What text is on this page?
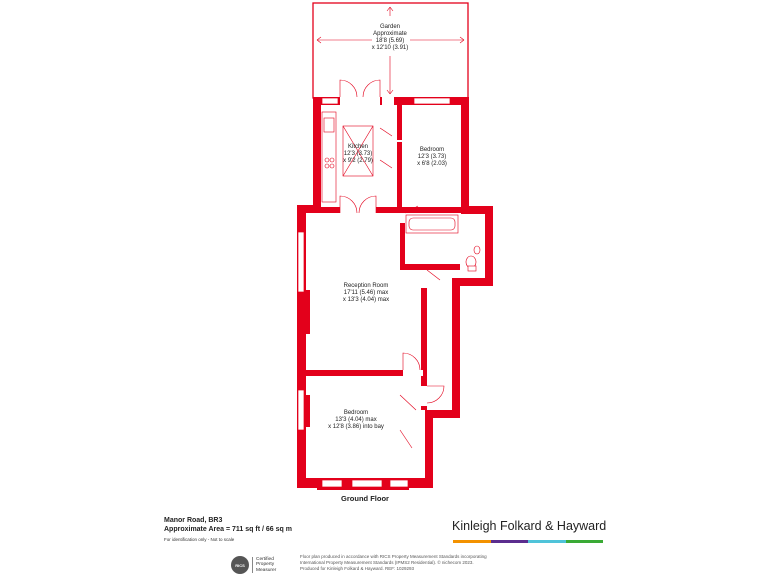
Garden
Approximate
18'8 (5.69)
x 12'10 (3.91)
Kitchen
12'3 (3.73)
x 9'2 (2.79)
Bedroom
12'3 (3.73)
x 6'8 (2.03)
Reception Room
17'11 (5.46) max
x 13'3 (4.04) max
Bedroom
13'3 (4.04) max
x 12'8 (3.86) into bay
Ground Floor
Manor Road, BR3
Approximate Area = 711 sq ft / 66 sq m
For identification only - Not to scale
Kinleigh Folkard & Hayward
RICS
Certified
Property
Measurer
Floor plan produced in accordance with RICS Property Measurement Standards incorporating
International Property Measurement Standards (IPMS2 Residential). © nichecom 2023.
Produced for Kinleigh Folkard & Hayward. REF: 1029293
